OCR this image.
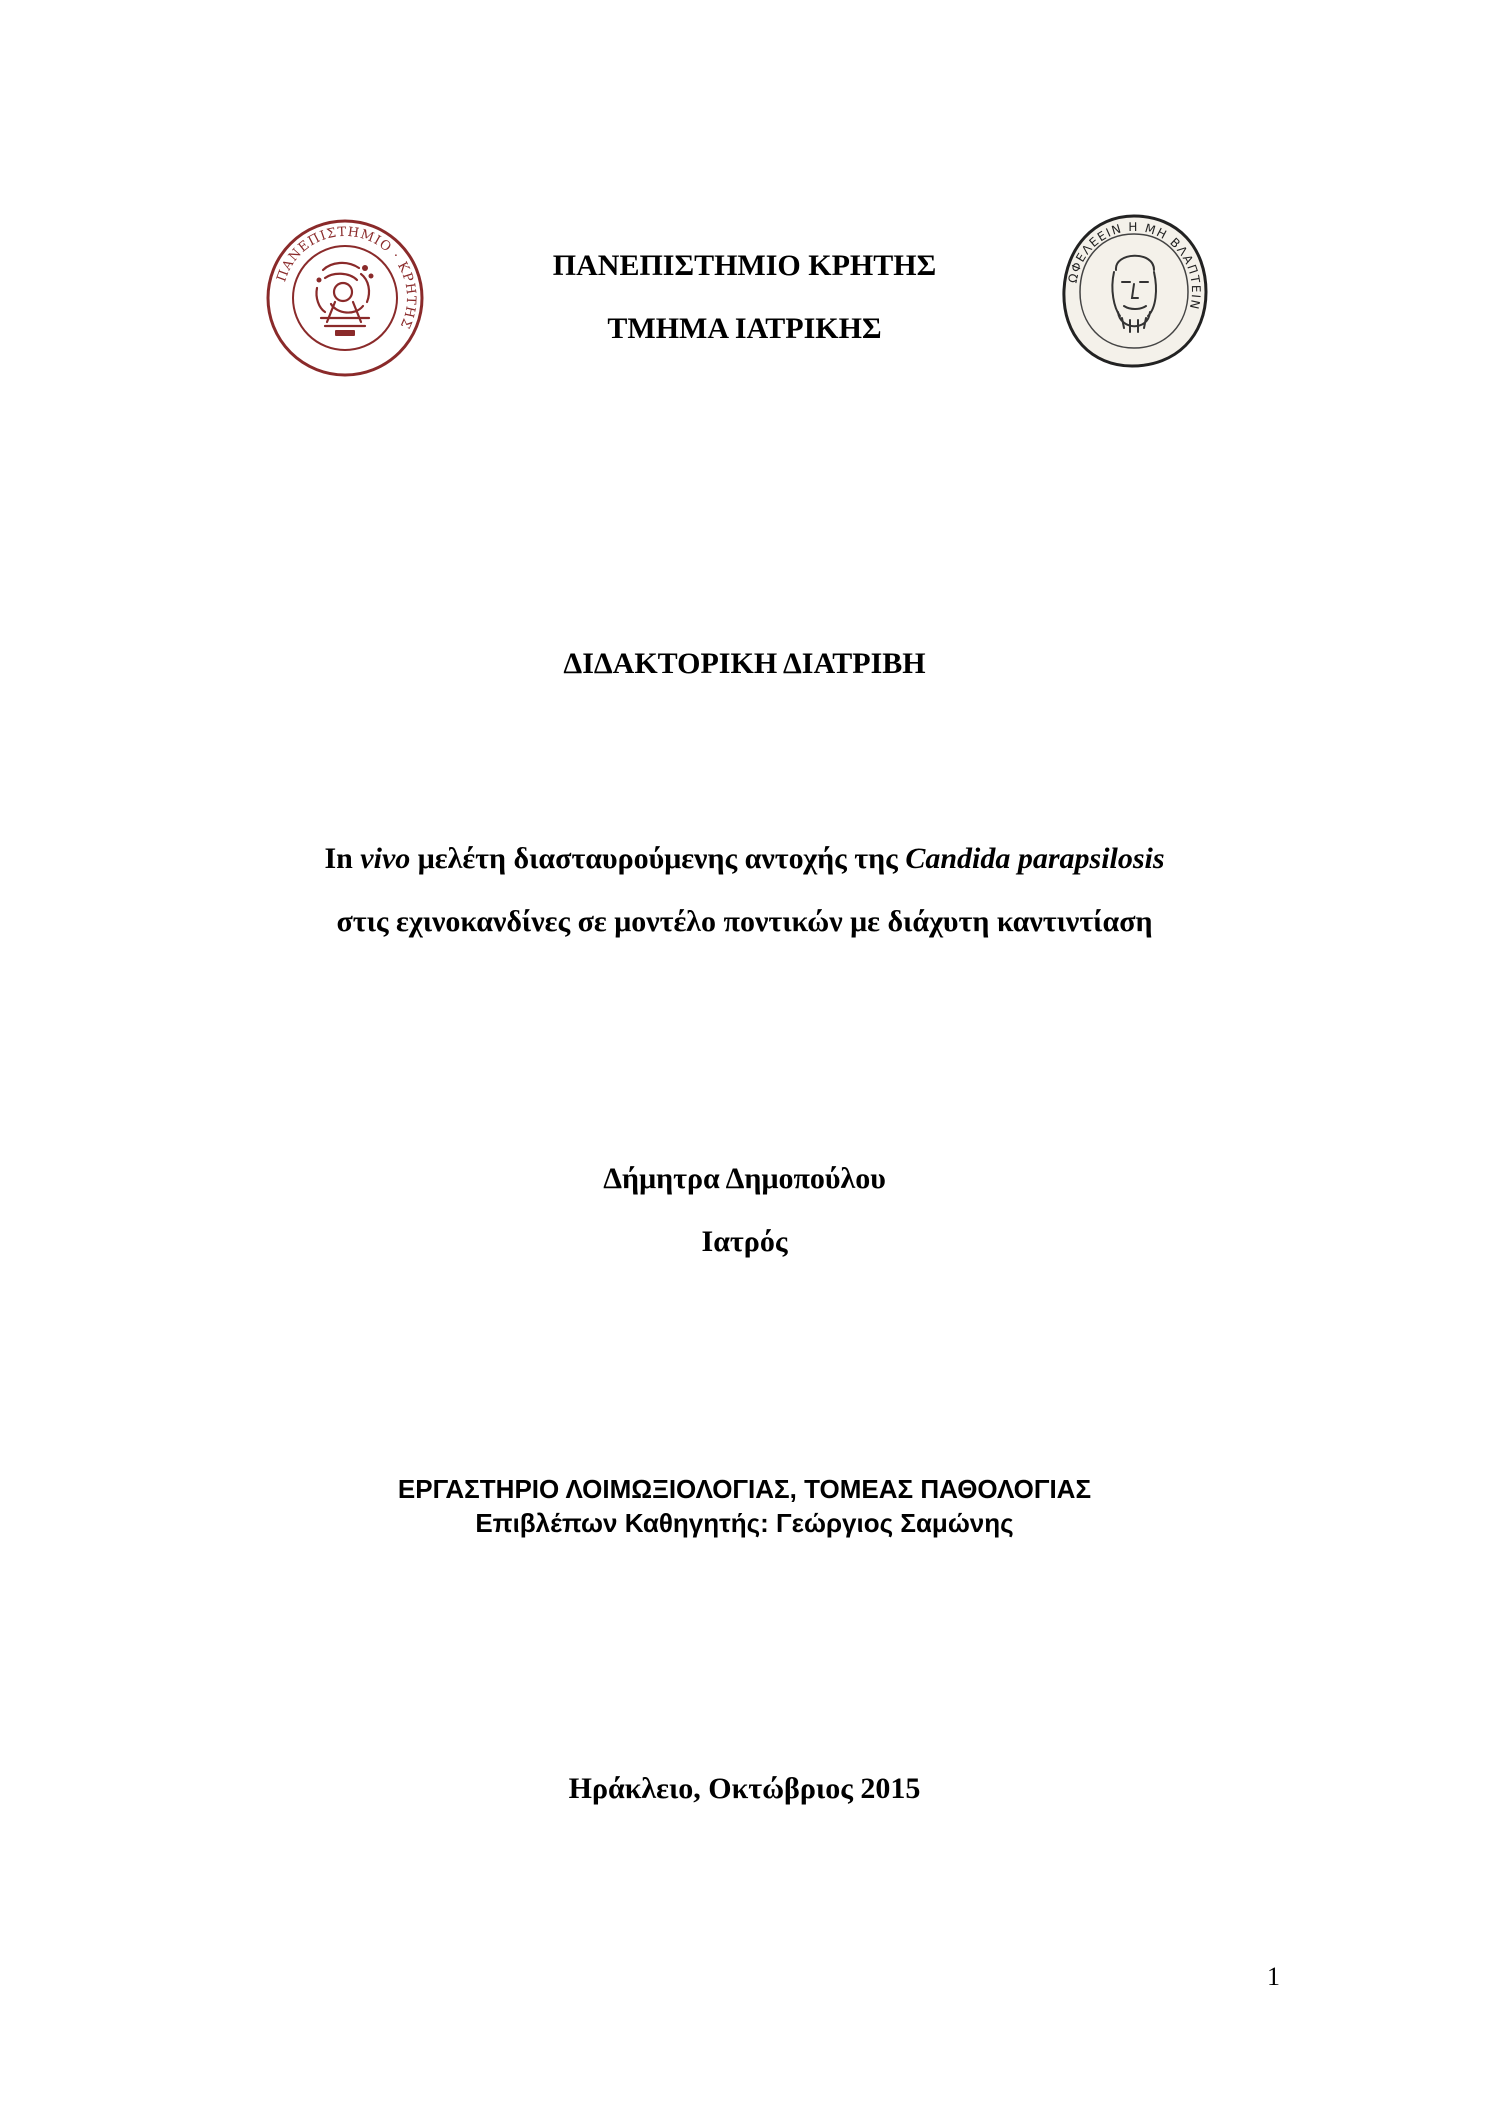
ΠΑΝΕΠΙΣΤΗΜΙΟ · ΚΡΗΤΗΣ
ΠΑΝΕΠΙΣΤΗΜΙΟ ΚΡΗΤΗΣ
ΤΜΗΜΑ ΙΑΤΡΙΚΗΣ
ΩΦΕΛΕΕΙΝ Η ΜΗ ΒΛΑΠΤΕΙΝ
ΔΙΔΑΚΤΟΡΙΚΗ ΔΙΑΤΡΙΒΗ
In vivo μελέτη διασταυρούμενης αντοχής της Candida parapsilosis
στις εχινοκανδίνες σε μοντέλο ποντικών με διάχυτη καντιντίαση
Δήμητρα Δημοπούλου
Ιατρός
ΕΡΓΑΣΤΗΡΙΟ ΛΟΙΜΩΞΙΟΛΟΓΙΑΣ, ΤΟΜΕΑΣ ΠΑΘΟΛΟΓΙΑΣ
Επιβλέπων Καθηγητής: Γεώργιος Σαμώνης
Ηράκλειο, Οκτώβριος 2015
1
